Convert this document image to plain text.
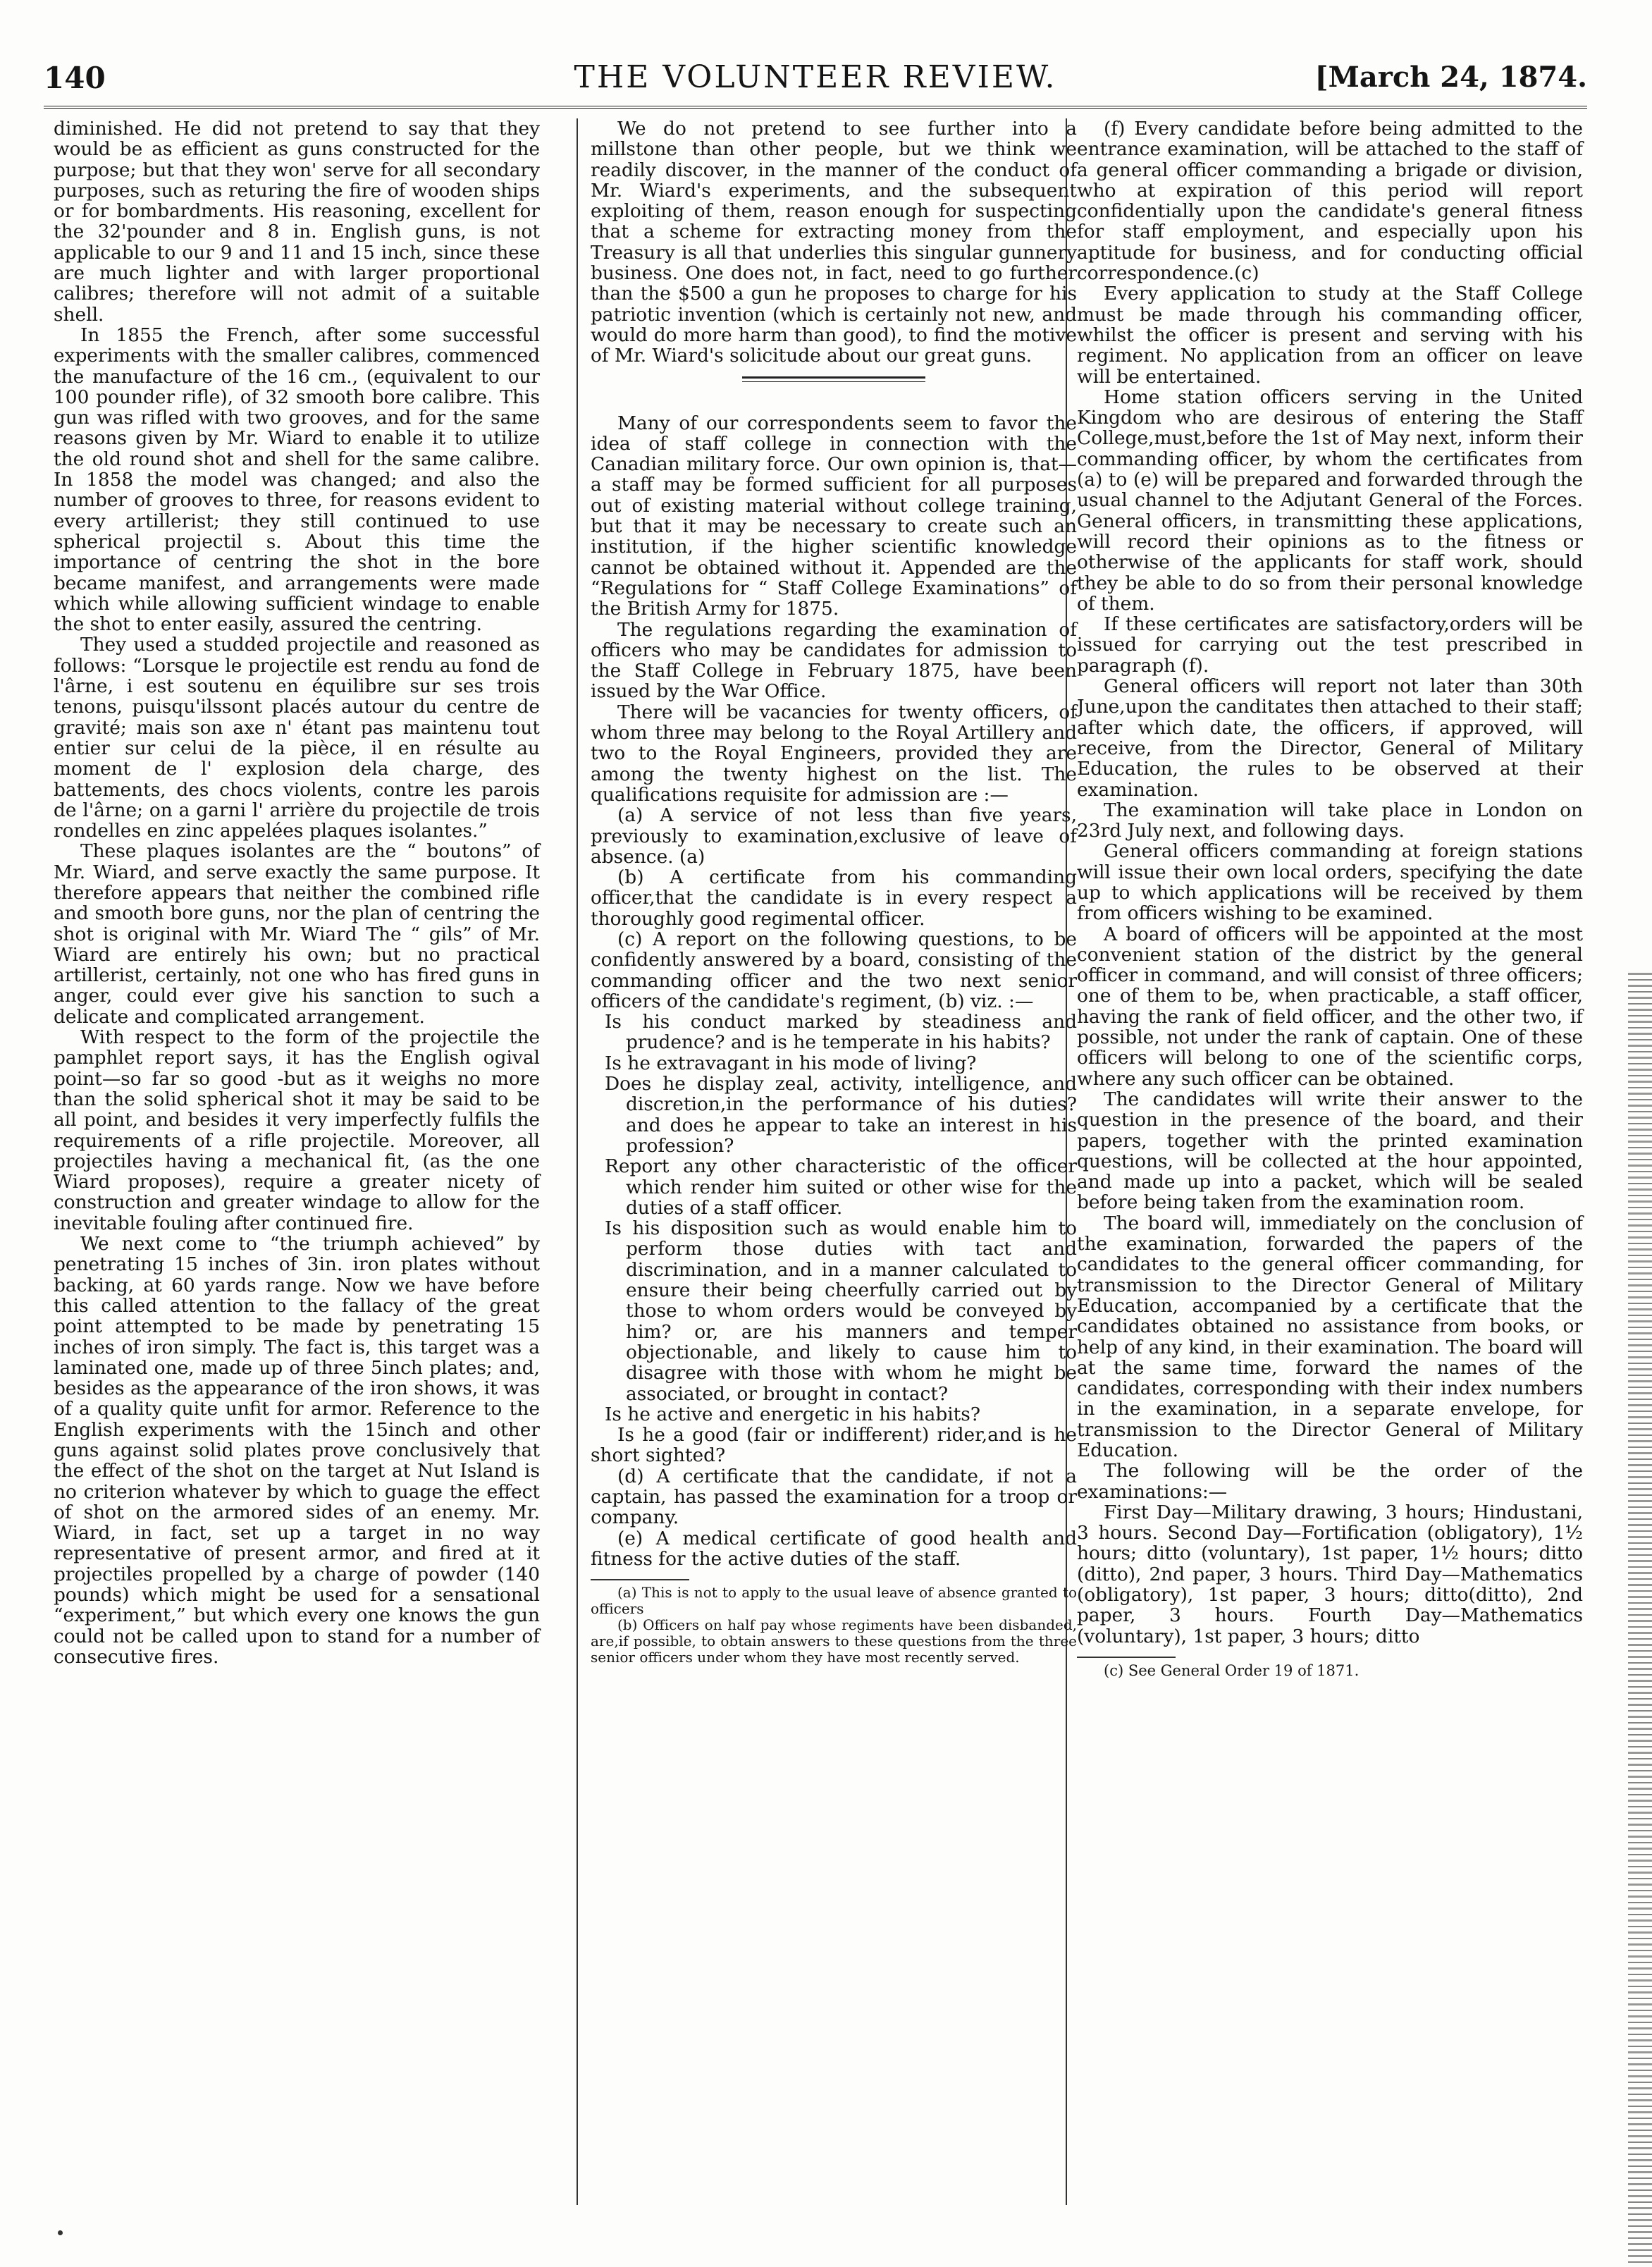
140	THE VOLUNTEER REVIEW.	[March 24, 1874.

diminished. He did not pretend to say that they would be as efficient as guns constructed for the purpose; but that they won' serve for all secondary purposes, such as returing the fire of wooden ships or for bombardments. His reasoning, excellent for the 32'pounder and 8 in. English guns, is not applicable to our 9 and 11 and 15 inch, since these are much lighter and with larger proportional calibres; therefore will not admit of a suitable shell.

In 1855 the French, after some successful experiments with the smaller calibres, commenced the manufacture of the 16 cm., (equivalent to our 100 pounder rifle), of 32 smooth bore calibre. This gun was rifled with two grooves, and for the same reasons given by Mr. Wiard to enable it to utilize the old round shot and shell for the same calibre. In 1858 the model was changed; and also the number of grooves to three, for reasons evident to every artillerist; they still continued to use spherical projectil s. About this time the importance of centring the shot in the bore became manifest, and arrangements were made which while allowing sufficient windage to enable the shot to enter easily, assured the centring.

They used a studded projectile and reasoned as follows: “Lorsque le projectile est rendu au fond de l'ârne, i est soutenu en équilibre sur ses trois tenons, puisqu'ilssont placés autour du centre de gravité; mais son axe n' étant pas maintenu tout entier sur celui de la pièce, il en résulte au moment de l' explosion dela charge, des battements, des chocs violents, contre les parois de l'ârne; on a garni l' arrière du projectile de trois rondelles en zinc appelées plaques isolantes.”

These plaques isolantes are the “ boutons” of Mr. Wiard, and serve exactly the same purpose. It therefore appears that neither the combined rifle and smooth bore guns, nor the plan of centring the shot is original with Mr. Wiard The “ gils” of Mr. Wiard are entirely his own; but no practical artillerist, certainly, not one who has fired guns in anger, could ever give his sanction to such a delicate and complicated arrangement.

With respect to the form of the projectile the pamphlet report says, it has the English ogival point—so far so good -but as it weighs no more than the solid spherical shot it may be said to be all point, and besides it very imperfectly fulfils the requirements of a rifle projectile. Moreover, all projectiles having a mechanical fit, (as the one Wiard proposes), require a greater nicety of construction and greater windage to allow for the inevitable fouling after continued fire.

We next come to “the triumph achieved” by penetrating 15 inches of 3in. iron plates without backing, at 60 yards range. Now we have before this called attention to the fallacy of the great point attempted to be made by penetrating 15 inches of iron simply. The fact is, this target was a laminated one, made up of three 5inch plates; and, besides as the appearance of the iron shows, it was of a quality quite unfit for armor. Reference to the English experiments with the 15inch and other guns against solid plates prove conclusively that the effect of the shot on the target at Nut Island is no criterion whatever by which to guage the effect of shot on the armored sides of an enemy. Mr. Wiard, in fact, set up a target in no way representative of present armor, and fired at it projectiles propelled by a charge of powder (140 pounds) which might be used for a sensational “experiment,” but which every one knows the gun could not be called upon to stand for a number of consecutive fires.

We do not pretend to see further into a millstone than other people, but we think we readily discover, in the manner of the conduct of Mr. Wiard's experiments, and the subsequent exploiting of them, reason enough for suspecting that a scheme for extracting money from the Treasury is all that underlies this singular gunnery business. One does not, in fact, need to go further than the $500 a gun he proposes to charge for his patriotic invention (which is certainly not new, and would do more harm than good), to find the motive of Mr. Wiard's solicitude about our great guns.

Many of our correspondents seem to favor the idea of staff college in connection with the Canadian military force. Our own opinion is, that—a staff may be formed sufficient for all purposes out of existing material without college training, but that it may be necessary to create such an institution, if the higher scientific knowledge cannot be obtained without it. Appended are the “Regulations for “ Staff College Examinations” of the British Army for 1875.

The regulations regarding the examination of officers who may be candidates for admission to the Staff College in February 1875, have been issued by the War Office.

There will be vacancies for twenty officers, of whom three may belong to the Royal Artillery and two to the Royal Engineers, provided they are among the twenty highest on the list. The qualifications requisite for admission are :—

(a) A service of not less than five years, previously to examination,exclusive of leave of absence. (a)

(b) A certificate from his commanding officer,that the candidate is in every respect a thoroughly good regimental officer.

(c) A report on the following questions, to be confidently answered by a board, consisting of the commanding officer and the two next senior officers of the candidate's regiment, (b) viz. :—

Is his conduct marked by steadiness and prudence? and is he temperate in his habits?

Is he extravagant in his mode of living?

Does he display zeal, activity, intelligence, and discretion,in the performance of his duties? and does he appear to take an interest in his profession?

Report any other characteristic of the officer which render him suited or other wise for the duties of a staff officer.

Is his disposition such as would enable him to perform those duties with tact and discrimination, and in a manner calculated to ensure their being cheerfully carried out by those to whom orders would be conveyed by him? or, are his manners and temper objectionable, and likely to cause him to disagree with those with whom he might be associated, or brought in contact?

Is he active and energetic in his habits?

Is he a good (fair or indifferent) rider,and is he short sighted?

(d) A certificate that the candidate, if not a captain, has passed the examination for a troop or company.

(e) A medical certificate of good health and fitness for the active duties of the staff.

(a) This is not to apply to the usual leave of absence granted to officers

(b) Officers on half pay whose regiments have been disbanded, are,if possible, to obtain answers to these questions from the three senior officers under whom they have most recently served.

(f) Every candidate before being admitted to the entrance examination, will be attached to the staff of a general officer commanding a brigade or division, who at expiration of this period will report confidentially upon the candidate's general fitness for staff employment, and especially upon his aptitude for business, and for conducting official correspondence.(c)

Every application to study at the Staff College must be made through his commanding officer, whilst the officer is present and serving with his regiment. No application from an officer on leave will be entertained.

Home station officers serving in the United Kingdom who are desirous of entering the Staff College,must,before the 1st of May next, inform their commanding officer, by whom the certificates from (a) to (e) will be prepared and forwarded through the usual channel to the Adjutant General of the Forces. General officers, in transmitting these applications, will record their opinions as to the fitness or otherwise of the applicants for staff work, should they be able to do so from their personal knowledge of them.

If these certificates are satisfactory,orders will be issued for carrying out the test prescribed in paragraph (f).

General officers will report not later than 30th June,upon the canditates then attached to their staff; after which date, the officers, if approved, will receive, from the Director, General of Military Education, the rules to be observed at their examination.

The examination will take place in London on 23rd July next, and following days.

General officers commanding at foreign stations will issue their own local orders, specifying the date up to which applications will be received by them from officers wishing to be examined.

A board of officers will be appointed at the most convenient station of the district by the general officer in command, and will consist of three officers; one of them to be, when practicable, a staff officer, having the rank of field officer, and the other two, if possible, not under the rank of captain. One of these officers will belong to one of the scientific corps, where any such officer can be obtained.

The candidates will write their answer to the question in the presence of the board, and their papers, together with the printed examination questions, will be collected at the hour appointed, and made up into a packet, which will be sealed before being taken from the examination room.

The board will, immediately on the conclusion of the examination, forwarded the papers of the candidates to the general officer commanding, for transmission to the Director General of Military Education, accompanied by a certificate that the candidates obtained no assistance from books, or help of any kind, in their examination. The board will at the same time, forward the names of the candidates, corresponding with their index numbers in the examination, in a separate envelope, for transmission to the Director General of Military Education.

The following will be the order of the examinations:—

First Day—Military drawing, 3 hours; Hindustani, 3 hours. Second Day—Fortification (obligatory), 1½ hours; ditto (voluntary), 1st paper, 1½ hours; ditto (ditto), 2nd paper, 3 hours. Third Day—Mathematics (obligatory), 1st paper, 3 hours; ditto(ditto), 2nd paper, 3 hours. Fourth Day—Mathematics (voluntary), 1st paper, 3 hours; ditto

(c) See General Order 19 of 1871.
